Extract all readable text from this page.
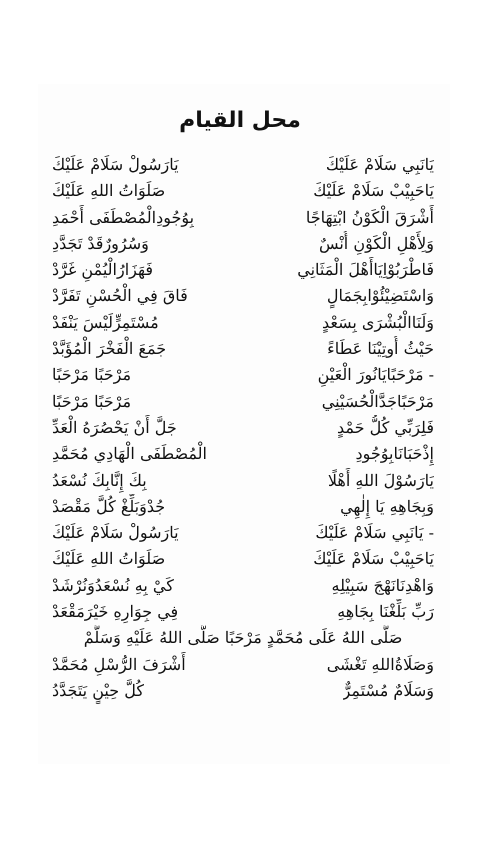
محل القيام
يَانَبِي سَلَامْ عَلَيْكَ
يَارَسُولْ سَلَامْ عَلَيْكَ
يَاحَبِيْبْ سَلَامْ عَلَيْكَ
صَلَوَاتُ اللهِ عَلَيْكَ
أَشْرَقَ الْكَوْنُ ابْتِهَاجًا
بِوُجُودِالْمُصْطَفَى أَحْمَدِ
وَلِأَهْلِ الْكَوْنِ أُنْسٌ
وَسُرُورٌقَدْ تَجَدَّدِ
فَاطْرَبُوْاِيَاأَهْلَ الْمَثَانِي
فَهَزَارُالْيُمْنِ غَرَّدْ
وَاسْتَضِيْئُوْابِجَمَالٍ
فَاقَ فِي الْحُسْنِ تَفَرَّدْ
وَلَنَاالْبُشْرَى بِسَعْدٍ
مُسْتَمِرٍّلَيْسَ يَنْفَدْ
حَيْثُ أُوتِيْنَا عَطَاءً
جَمَعَ الْفَخْرَ الْمُؤَبَّدْ
- مَرْحَبًايَانُورَ الْعَيْنِ
مَرْحَبًا مَرْحَبًا
مَرْحَبًاجَدَّالْحُسَيْنِي
مَرْحَبًا مَرْحَبًا
فَلِرَبِّي كُلُّ حَمْدٍ
جَلَّ أَنْ يَحْصُرَهُ الْعَدِّ
إِذْحَبَانَابِوُجُودِ
الْمُصْطَفَى الْهَادِي مُحَمَّدِ
يَارَسُوْلَ اللهِ أَهْلًا
بِكَ إِنَّابِكَ نُسْعَدُ
وَبِجَاهِهِ يَا إِلٰهِي
جُدْوَبَلِّغْ كُلَّ مَقْصَدْ
- يَانَبِي سَلَامْ عَلَيْكَ
يَارَسُولْ سَلَامْ عَلَيْكَ
يَاحَبِيْبْ سَلَامْ عَلَيْكَ
صَلَوَاتُ اللهِ عَلَيْكَ
وَاهْدِنَانَهْجَ سَبِيْلِهِ
كَيْ بِهِ نُسْعَدُوَنُرْشَدْ
رَبِّ بَلِّغْنَا بِجَاهِهِ
فِي جِوَارِهِ خَيْرَمَقْعَدْ
صَلَّى اللهُ عَلَى مُحَمَّدٍ مَرْحَبًا صَلَّى اللهُ عَلَيْهِ وَسَلَّمْ
وَصَلَاةُاللهِ تَغْشَى
أَشْرَفَ الرُّسْلِ مُحَمَّدْ
وَسَلَامٌ مُسْتَمِرٌّ
كُلَّ حِيْنٍ يَتَجَدَّدُ
